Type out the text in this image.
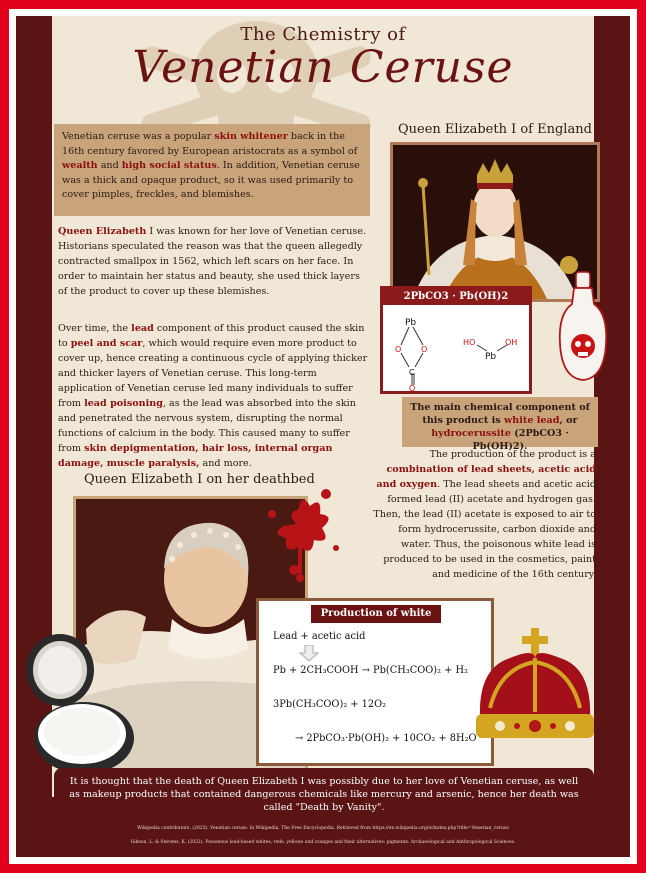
The Chemistry of
Venetian Ceruse
Venetian ceruse was a popular skin whitener back in the 16th century favored by European aristocrats as a symbol of wealth and high social status. In addition, Venetian ceruse was a thick and opaque product, so it was used primarily to cover pimples, freckles, and blemishes.
Queen Elizabeth I was known for her love of Venetian ceruse. Historians speculated the reason was that the queen allegedly contracted smallpox in 1562, which left scars on her face. In order to maintain her status and beauty, she used thick layers of the product to cover up these blemishes.
Over time, the lead component of this product caused the skin to peel and scar, which would require even more product to cover up, hence creating a continuous cycle of applying thicker and thicker layers of Venetian ceruse. This long-term application of Venetian ceruse led many individuals to suffer from lead poisoning, as the lead was absorbed into the skin and penetrated the nervous system, disrupting the normal functions of calcium in the body. This caused many to suffer from skin depigmentation, hair loss, internal organ damage, muscle paralysis, and more.
Queen Elizabeth I of England
2PbCO3 · Pb(OH)2
Pb
O O
C
O
HO
Pb
OH
The main chemical component of this product is white lead, or hydrocerussite (2PbCO3 · Pb(OH)2).
The production of the product is a combination of lead sheets, acetic acid and oxygen. The lead sheets and acetic acid formed lead (II) acetate and hydrogen gas. Then, the lead (II) acetate is exposed to air to form hydrocerussite, carbon dioxide and water. Thus, the poisonous white lead is produced to be used in the cosmetics, paint and medicine of the 16th century.
Queen Elizabeth I on her deathbed
Production of white lead
Lead + acetic acid
Pb + 2CH₃COOH → Pb(CH₃COO)₂ + H₂
3Pb(CH₃COO)₂ + 12O₂
→ 2PbCO₃·Pb(OH)₂ + 10CO₂ + 8H₂O
It is thought that the death of Queen Elizabeth I was possibly due to her love of Venetian ceruse, as well as makeup products that contained dangerous chemicals like mercury and arsenic, hence her death was called "Death by Vanity".
Wikipedia contributors. (2023). Venetian ceruse. In Wikipedia, The Free Encyclopedia. Retrieved from https://en.wikipedia.org/w/index.php?title=Venetian_ceruse
Gibson, L. & Stevens, K. (2022). Poisonous lead-based whites, reds, yellows and oranges and their alternatives: pigments. Archaeological and Anthropological Sciences.
